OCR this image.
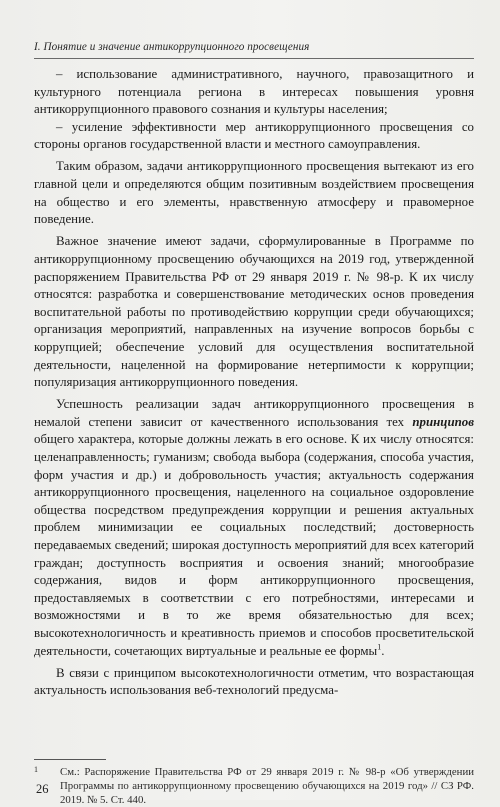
I. Понятие и значение антикоррупционного просвещения

– использование административного, научного, правозащитного и культурного потенциала региона в интересах повышения уровня антикоррупционного правового сознания и культуры населения;

– усиление эффективности мер антикоррупционного просвещения со стороны органов государственной власти и местного самоуправления.

Таким образом, задачи антикоррупционного просвещения вытекают из его главной цели и определяются общим позитивным воздействием просвещения на общество и его элементы, нравственную атмосферу и правомерное поведение.

Важное значение имеют задачи, сформулированные в Программе по антикоррупционному просвещению обучающихся на 2019 год, утвержденной распоряжением Правительства РФ от 29 января 2019 г. № 98-р. К их числу относятся: разработка и совершенствование методических основ проведения воспитательной работы по противодействию коррупции среди обучающихся; организация мероприятий, направленных на изучение вопросов борьбы с коррупцией; обеспечение условий для осуществления воспитательной деятельности, нацеленной на формирование нетерпимости к коррупции; популяризация антикоррупционного поведения.

Успешность реализации задач антикоррупционного просвещения в немалой степени зависит от качественного использования тех принципов общего характера, которые должны лежать в его основе. К их числу относятся: целенаправленность; гуманизм; свобода выбора (содержания, способа участия, форм участия и др.) и добровольность участия; актуальность содержания антикоррупционного просвещения, нацеленного на социальное оздоровление общества посредством предупреждения коррупции и решения актуальных проблем минимизации ее социальных последствий; достоверность передаваемых сведений; широкая доступность мероприятий для всех категорий граждан; доступность восприятия и освоения знаний; многообразие содержания, видов и форм антикоррупционного просвещения, предоставляемых в соответствии с его потребностями, интересами и возможностями и в то же время обязательностью для всех; высокотехнологичность и креативность приемов и способов просветительской деятельности, сочетающих виртуальные и реальные ее формы$^1$.

В связи с принципом высокотехнологичности отметим, что возрастающая актуальность использования веб-технологий предусма-

1 См.: Распоряжение Правительства РФ от 29 января 2019 г. № 98-р «Об утверждении Программы по антикоррупционному просвещению обучающихся на 2019 год» // СЗ РФ. 2019. № 5. Ст. 440.
26
